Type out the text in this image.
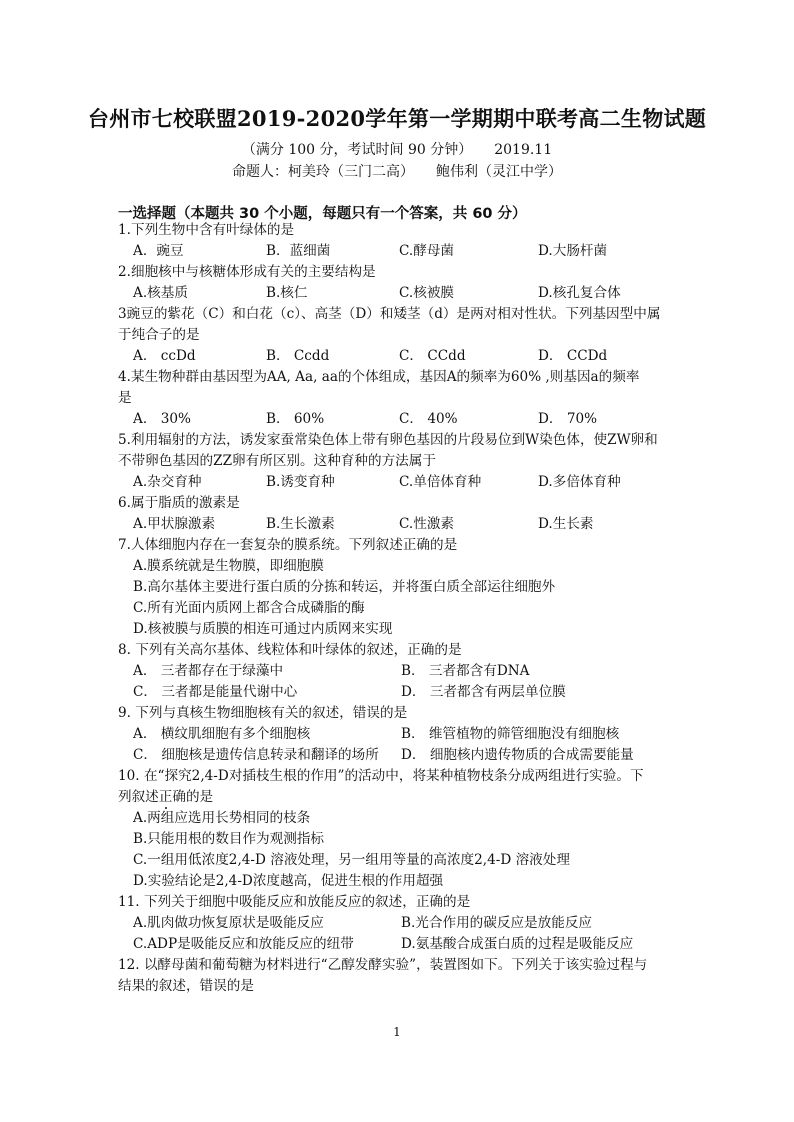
台州市七校联盟2019-2020学年第一学期期中联考高二生物试题
（满分 100 分，考试时间 90 分钟） 2019.11
命题人：柯美玲（三门二高） 鲍伟利（灵江中学）
一选择题（本题共 30 个小题，每题只有一个答案，共 60 分）
1.下列生物中含有叶绿体的是
A．豌豆	B．蓝细菌	C.酵母菌	D.大肠杆菌
2.细胞核中与核糖体形成有关的主要结构是
A.核基质	B.核仁	C.核被膜	D.核孔复合体
3豌豆的紫花（C）和白花（c）、高茎（D）和矮茎（d）是两对相对性状。下列基因型中属
于纯合子的是
A． ccDd	B． Ccdd	C． CCdd	D． CCDd
4.某生物种群由基因型为AA, Aa, aa的个体组成，基因A的频率为60% ,则基因a的频率
是
A． 30%	B． 60%	C． 40%	D． 70%
5.利用辐射的方法，诱发家蚕常染色体上带有卵色基因的片段易位到W染色体，使ZW卵和
不带卵色基因的ZZ卵有所区别。这种育种的方法属于
A.杂交育种	B.诱变育种	C.单倍体育种	D.多倍体育种
6.属于脂质的激素是
A.甲状腺激素	B.生长激素	C.性激素	D.生长素
7.人体细胞内存在一套复杂的膜系统。下列叙述正确的是
A.膜系统就是生物膜，即细胞膜
B.高尔基体主要进行蛋白质的分拣和转运，并将蛋白质全部运往细胞外
C.所有光面内质网上都含合成磷脂的酶
D.核被膜与质膜的相连可通过内质网来实现
8. 下列有关高尔基体、线粒体和叶绿体的叙述，正确的是
A． 三者都存在于绿藻中	B． 三者都含有DNA
C． 三者都是能量代谢中心	D． 三者都含有两层单位膜
9. 下列与真核生物细胞核有关的叙述，错误的是
A． 横纹肌细胞有多个细胞核	B． 维管植物的筛管细胞没有细胞核
C． 细胞核是遗传信息转录和翻译的场所	D． 细胞核内遗传物质的合成需要能量
10. 在“探究2,4-D对插枝生根的作用”的活动中，将某种植物枝条分成两组进行实验。下
列叙述正确的是
A.两组应选用长势相同的枝条
B.只能用根的数目作为观测指标
C.一组用低浓度2,4-D 溶液处理，另一组用等量的高浓度2,4-D 溶液处理
D.实验结论是2,4-D浓度越高，促进生根的作用超强
11. 下列关于细胞中吸能反应和放能反应的叙述，正确的是
A.肌肉做功恢复原状是吸能反应	B.光合作用的碳反应是放能反应
C.ADP是吸能反应和放能反应的纽带	D.氨基酸合成蛋白质的过程是吸能反应
12. 以酵母菌和葡萄糖为材料进行“乙醇发酵实验”，装置图如下。下列关于该实验过程与
结果的叙述，错误的是
1
